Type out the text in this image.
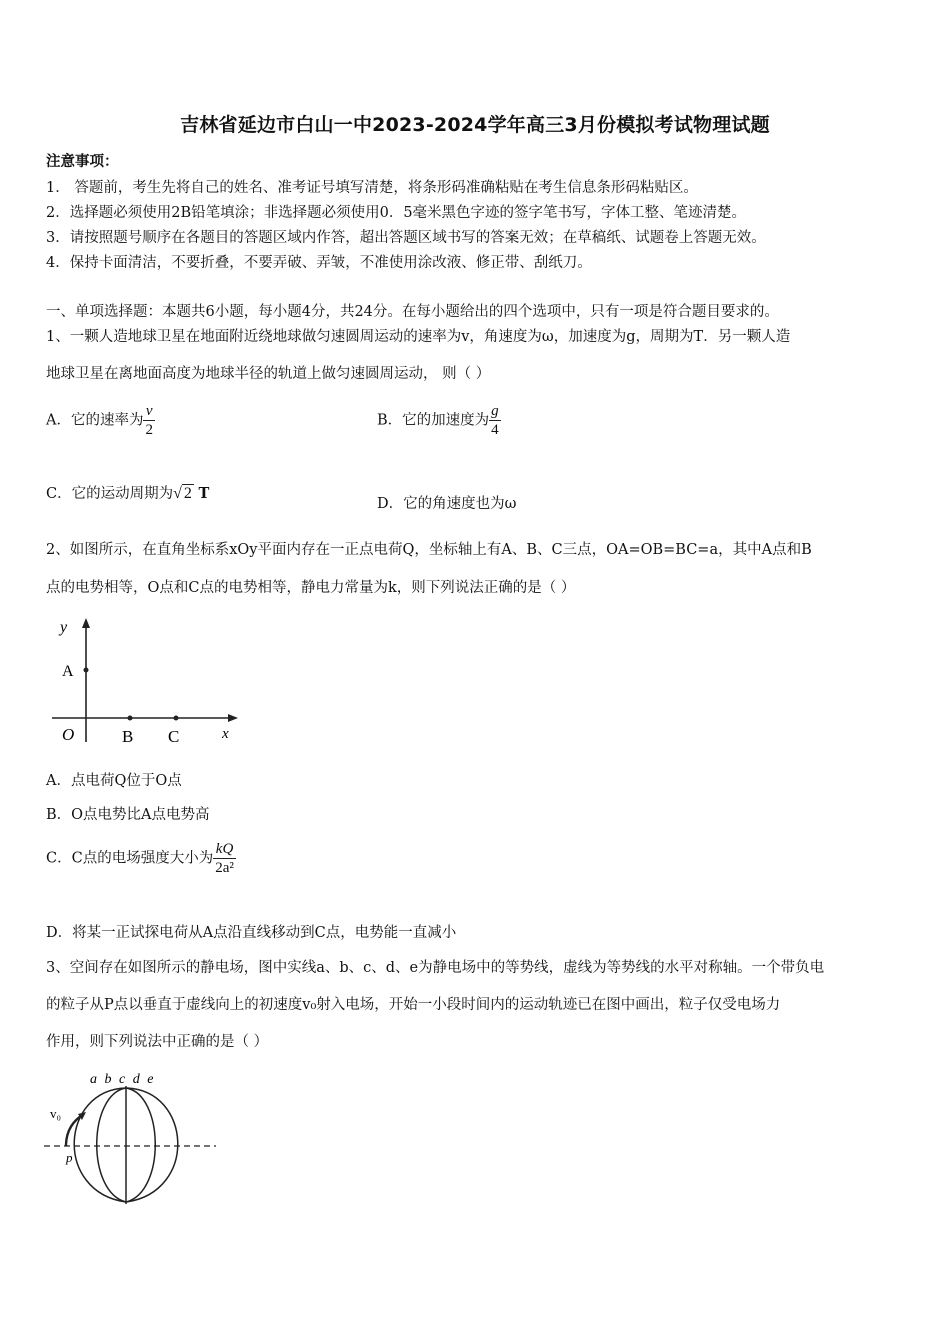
吉林省延边市白山一中2023-2024学年高三3月份模拟考试物理试题
注意事项：
1． 答题前，考生先将自己的姓名、准考证号填写清楚，将条形码准确粘贴在考生信息条形码粘贴区。
2．选择题必须使用2B铅笔填涂；非选择题必须使用0．5毫米黑色字迹的签字笔书写，字体工整、笔迹清楚。
3．请按照题号顺序在各题目的答题区域内作答，超出答题区域书写的答案无效；在草稿纸、试题卷上答题无效。
4．保持卡面清洁，不要折叠，不要弄破、弄皱，不准使用涂改液、修正带、刮纸刀。
一、单项选择题：本题共6小题，每小题4分，共24分。在每小题给出的四个选项中，只有一项是符合题目要求的。
1、一颗人造地球卫星在地面附近绕地球做匀速圆周运动的速率为v，角速度为ω，加速度为g，周期为T．另一颗人造
地球卫星在离地面高度为地球半径的轨道上做匀速圆周运动， 则（ ）
A．它的速率为 $\frac{v}{2}$	B．它的加速度为 $\frac{g}{4}$
C．它的运动周期为√ 2 T
D．它的角速度也为ω
2、如图所示，在直角坐标系xOy平面内存在一正点电荷Q，坐标轴上有A、B、C三点，OA=OB=BC=a，其中A点和B
点的电势相等，O点和C点的电势相等，静电力常量为k，则下列说法正确的是（ ）
y
A
O	B C	x
A．点电荷Q位于O点
B．O点电势比A点电势高
C．C点的电场强度大小为 $\frac{kQ}{\text{2a²}}$
D．将某一正试探电荷从A点沿直线移动到C点，电势能一直减小
3、空间存在如图所示的静电场，图中实线a、b、c、d、e为静电场中的等势线，虚线为等势线的水平对称轴。一个带负电
的粒子从P点以垂直于虚线向上的初速度v₀射入电场，开始一小段时间内的运动轨迹已在图中画出，粒子仅受电场力
作用，则下列说法中正确的是（ ）
a b c d e
v₀
p
